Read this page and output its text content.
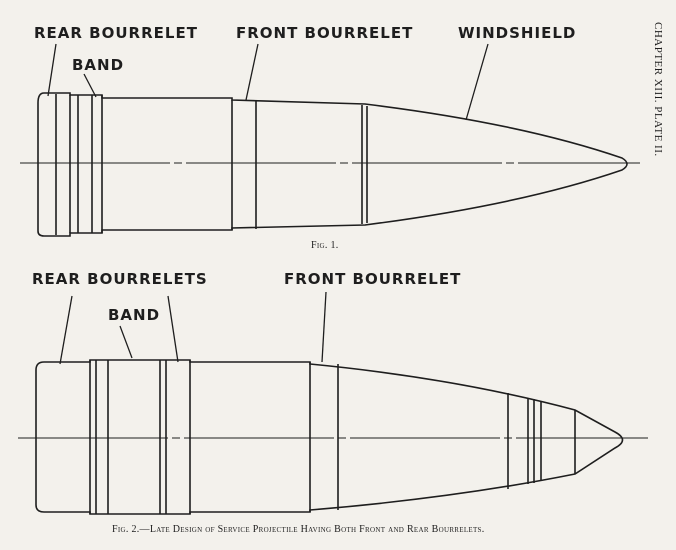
REAR BOURRELET
BAND
FRONT BOURRELET	WINDSHIELD
Fig. 1.
REAR BOURRELETS
BAND
FRONT BOURRELET
Fig. 2.—Late Design of Service Projectile Having Both Front and Rear Bourrelets.
CHAPTER XIII. PLATE II.
